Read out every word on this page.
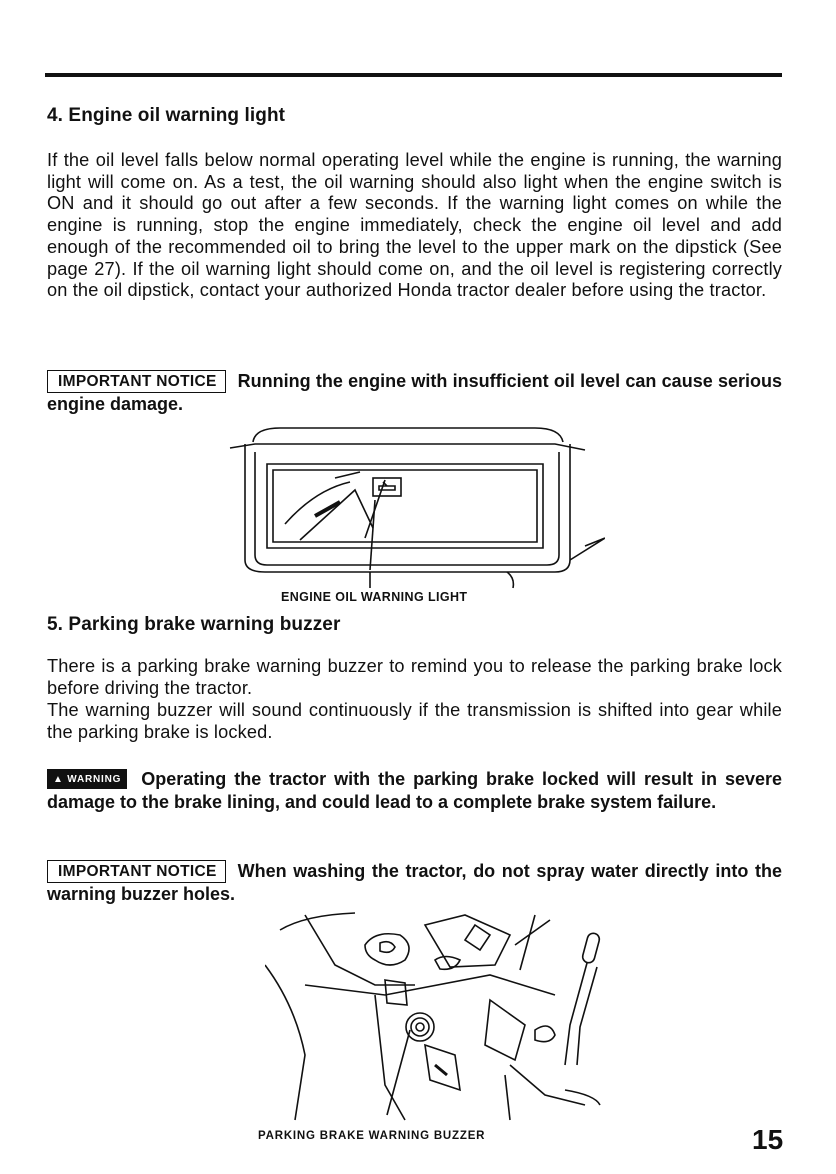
4. Engine oil warning light
If the oil level falls below normal operating level while the engine is running, the warning light will come on. As a test, the oil warning should also light when the engine switch is ON and it should go out after a few seconds. If the warning light comes on while the engine is running, stop the engine immediately, check the engine oil level and add enough of the recommended oil to bring the level to the upper mark on the dipstick (See page 27). If the oil warning light should come on, and the oil level is registering correctly on the oil dipstick, contact your authorized Honda tractor dealer before using the tractor.
IMPORTANT NOTICE Running the engine with insufficient oil level can cause serious engine damage.
ENGINE OIL WARNING LIGHT
5. Parking brake warning buzzer
There is a parking brake warning buzzer to remind you to release the parking brake lock before driving the tractor.
The warning buzzer will sound continuously if the transmission is shifted into gear while the parking brake is locked.
▲ WARNING Operating the tractor with the parking brake locked will result in severe damage to the brake lining, and could lead to a complete brake system failure.
IMPORTANT NOTICE When washing the tractor, do not spray water directly into the warning buzzer holes.
PARKING BRAKE WARNING BUZZER	15
